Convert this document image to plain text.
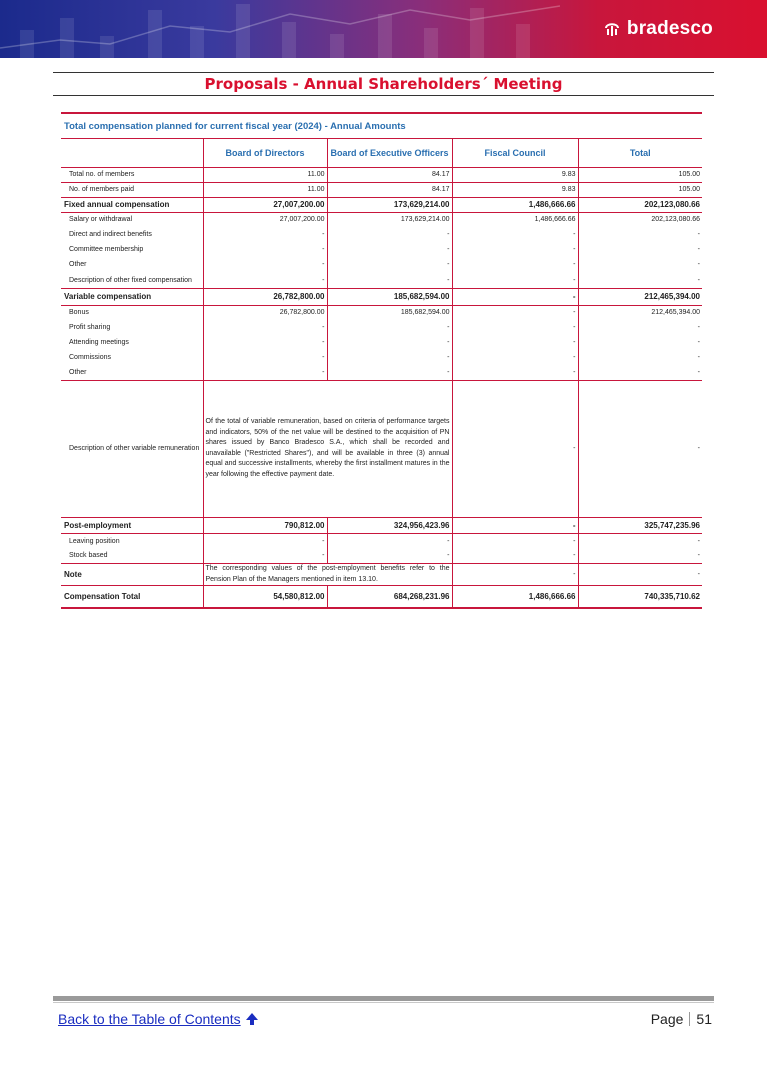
bradesco
Proposals - Annual Shareholders´ Meeting
Total compensation planned for current fiscal year (2024) - Annual Amounts
	Board of Directors	Board of Executive Officers	Fiscal Council	Total
Total no. of members	11.00	84.17	9.83	105.00
No. of members paid	11.00	84.17	9.83	105.00
Fixed annual compensation	27,007,200.00	173,629,214.00	1,486,666.66	202,123,080.66
Salary or withdrawal	27,007,200.00	173,629,214.00	1,486,666.66	202,123,080.66
Direct and indirect benefits	-	-	-	-
Committee membership	-	-	-	-
Other	-	-	-	-
Description of other fixed compensation	-	-	-	-
Variable compensation	26,782,800.00	185,682,594.00	-	212,465,394.00
Bonus	26,782,800.00	185,682,594.00	-	212,465,394.00
Profit sharing	-	-	-	-
Attending meetings	-	-	-	-
Commissions	-	-	-	-
Other	-	-	-	-
Description of other variable remuneration	Of the total of variable remuneration, based on criteria of performance targets and indicators, 50% of the net value will be destined to the acquisition of PN shares issued by Banco Bradesco S.A., which shall be recorded and unavailable ("Restricted Shares"), and will be available in three (3) annual equal and successive installments, whereby the first installment matures in the year following the effective payment date.		-	-
Post-employment	790,812.00	324,956,423.96	-	325,747,235.96
Leaving position	-	-	-	-
Stock based	-	-	-	-
Note	The corresponding values of the post-employment benefits refer to the Pension Plan of the Managers mentioned in item 13.10.		-	-
Compensation Total	54,580,812.00	684,268,231.96	1,486,666.66	740,335,710.62
Back to the Table of Contents	Page 51
